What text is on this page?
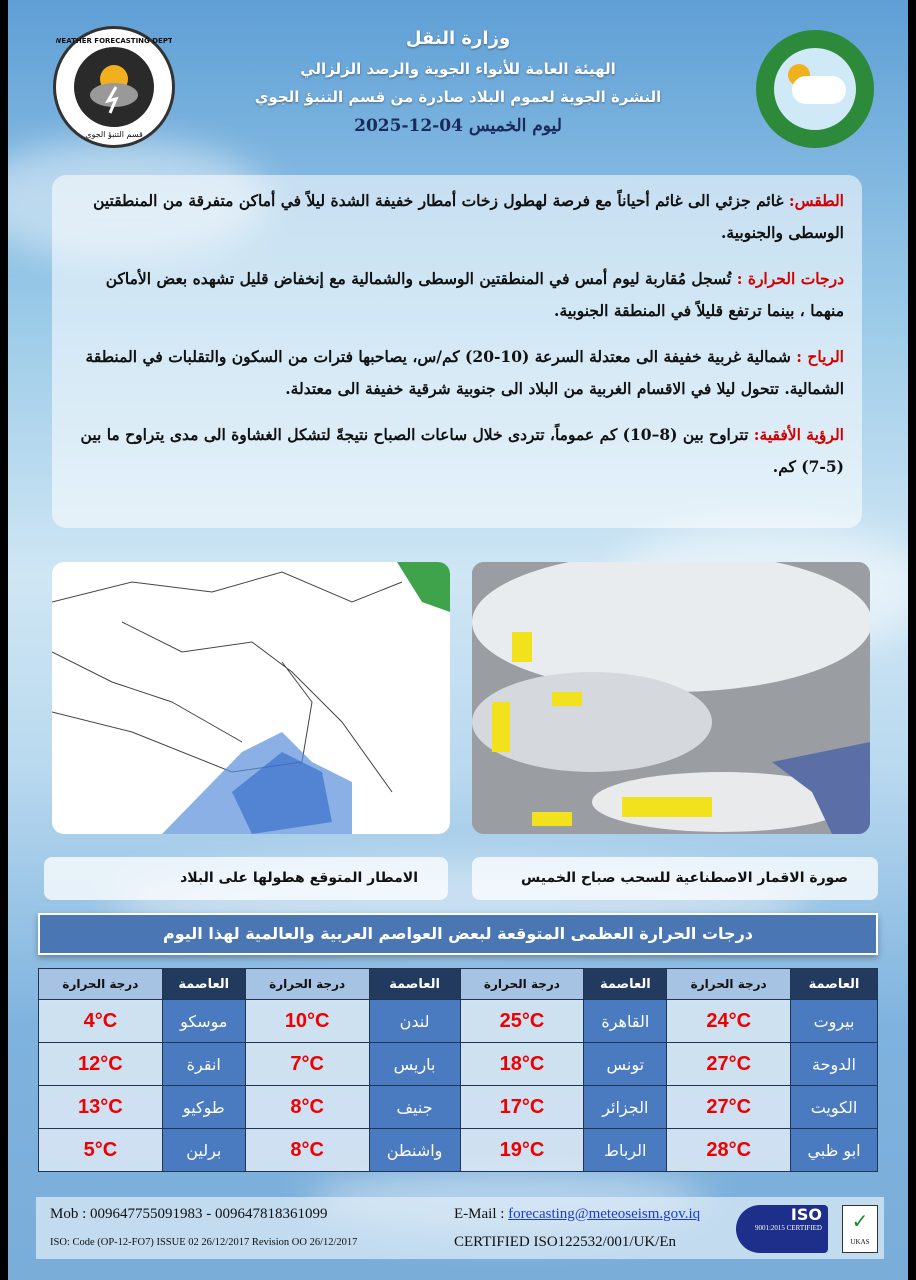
WEATHER FORECASTING DEPT.
قسم التنبؤ الجوي
وزارة النقل
الهيئة العامة للأنواء الجوية والرصد الزلزالي
النشرة الجوية لعموم البلاد صادرة من قسم التنبؤ الجوي
ليوم الخميس 04-12-2025

الطقس: غائم جزئي الى غائم أحياناً مع فرصة لهطول زخات أمطار خفيفة الشدة ليلاً في أماكن متفرقة من المنطقتين الوسطى والجنوبية.

درجات الحرارة : تُسجل مُقاربة ليوم أمس في المنطقتين الوسطى والشمالية مع إنخفاض قليل تشهده بعض الأماكن منهما ، بينما ترتفع قليلاً في المنطقة الجنوبية.

الرياح : شمالية غربية خفيفة الى معتدلة السرعة (10-20) كم/س، يصاحبها فترات من السكون والتقلبات في المنطقة الشمالية. تتحول ليلا في الاقسام الغربية من البلاد الى جنوبية شرقية خفيفة الى معتدلة.

الرؤية الأفقية: تتراوح بين (8–10) كم عموماً، تتردى خلال ساعات الصباح نتيجةً لتشكل الغشاوة الى مدى يتراوح ما بين (5-7) كم.

الامطار المتوقع هطولها على البلاد	صورة الاقمار الاصطناعية للسحب صباح الخميس
درجات الحرارة العظمى المتوقعة لبعض العواصم العربية والعالمية لهذا اليوم
العاصمة	درجة الحرارة	العاصمة	درجة الحرارة	العاصمة	درجة الحرارة	العاصمة	درجة الحرارة
بيروت	24°C	القاهرة	25°C	لندن	10°C	موسكو	4°C
الدوحة	27°C	تونس	18°C	باريس	7°C	انقرة	12°C
الكويت	27°C	الجزائر	17°C	جنيف	8°C	طوكيو	13°C
ابو ظبي	28°C	الرباط	19°C	واشنطن	8°C	برلين	5°C
Mob : 009647755091983 - 009647818361099	E-Mail : forecasting@meteoseism.gov.iq
ISO: Code (OP-12-FO7) ISSUE 02 26/12/2017 Revision OO 26/12/2017	CERTIFIED ISO122532/001/UK/En
ISO
9001:2015 CERTIFIED	✓
UKAS
